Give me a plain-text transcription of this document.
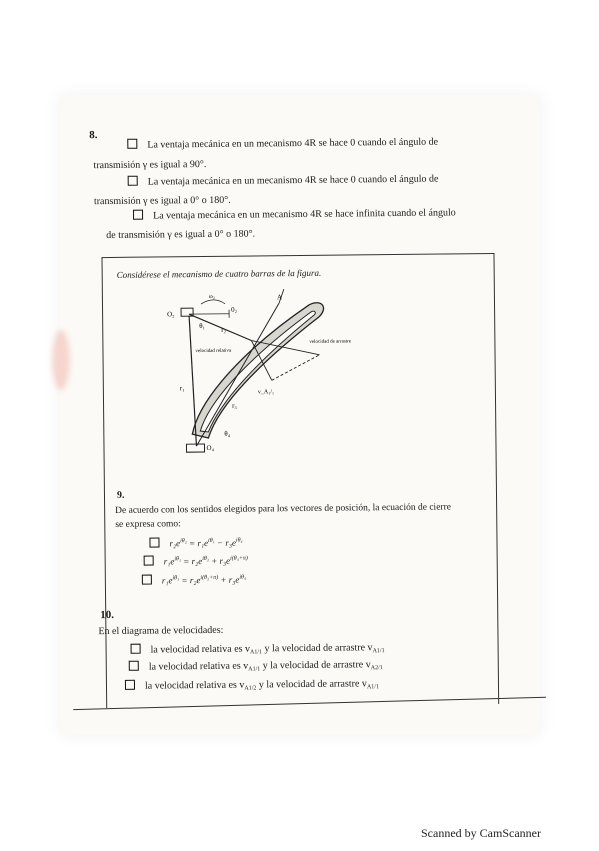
8.
La ventaja mecánica en un mecanismo 4R se hace 0 cuando el ángulo de
transmisión γ es igual a 90°.
La ventaja mecánica en un mecanismo 4R se hace 0 cuando el ángulo de
transmisión γ es igual a 0° o 180°.
La ventaja mecánica en un mecanismo 4R se hace infinita cuando el ángulo
de transmisión γ es igual a 0° o 180°.
Considérese el mecanismo de cuatro barras de la figura.
O₂
0₂
θ₁ r₂
A
ω₂
velocidad relativa
velocidad de arrastre
v_A₁/₁
r₁
r₃
θ₄
O₄
9.
De acuerdo con los sentidos elegidos para los vectores de posición, la ecuación de cierre
se expresa como:
$r_2e^{i\theta_2} = r_1e^{i\theta_1} - r_3e^{i\theta_4}$
$r_1e^{i\theta_1} = r_2e^{i\theta_2} + r_3e^{i(\theta_4+\pi)}$
$r_1e^{i\theta_1} = r_2e^{i(\theta_2+\pi)} + r_3e^{i\theta_4}$
10.
En el diagrama de velocidades:
la velocidad relativa es $v_{A1/1}$ y la velocidad de arrastre $v_{A1/1}$
la velocidad relativa es $v_{A1/1}$ y la velocidad de arrastre $v_{A2/1}$
la velocidad relativa es $v_{A1/2}$ y la velocidad de arrastre $v_{A1/1}$
Scanned by CamScanner
